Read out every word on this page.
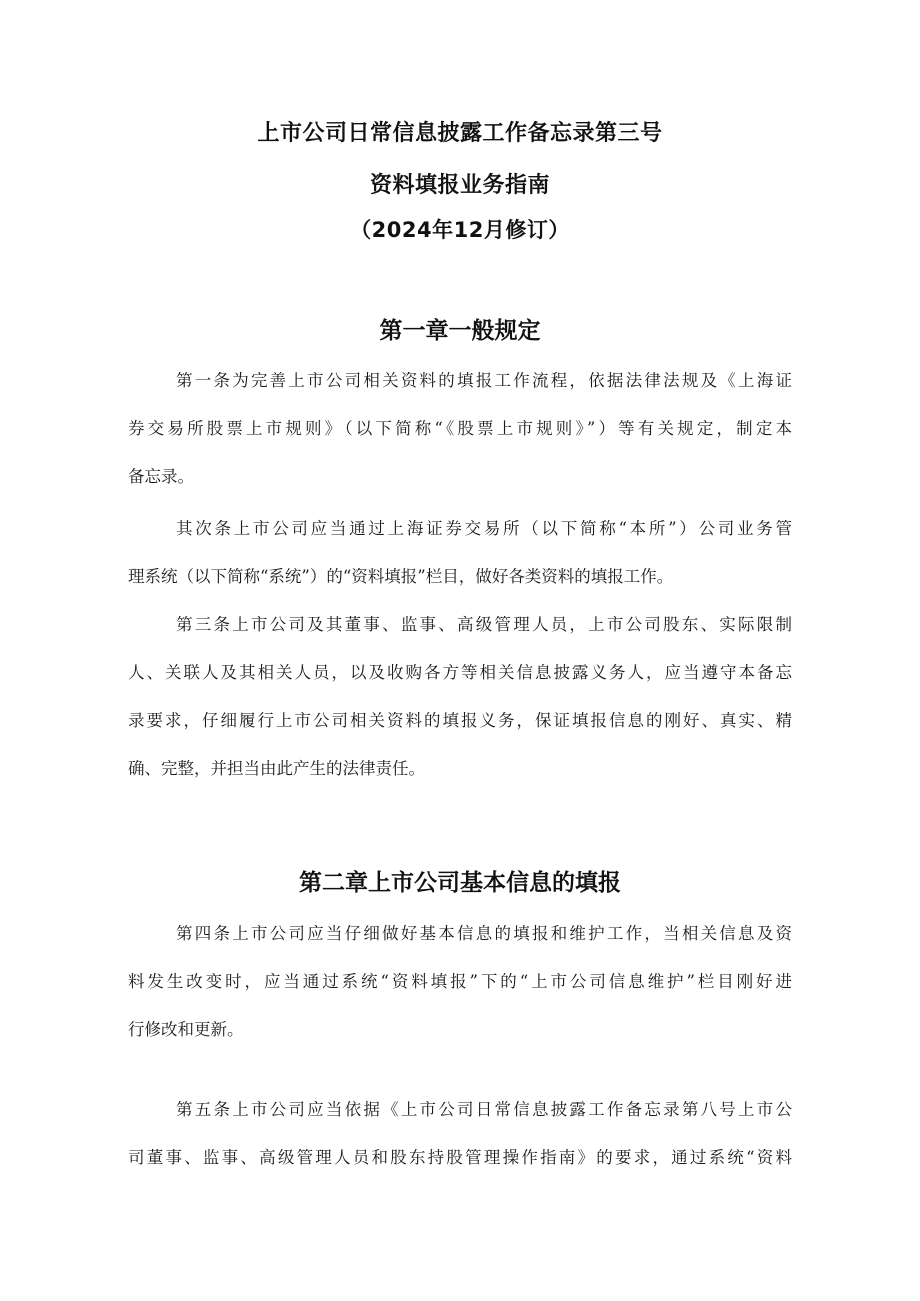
上市公司日常信息披露工作备忘录第三号
资料填报业务指南
（2024年12月修订）
第一章一般规定
第一条为完善上市公司相关资料的填报工作流程，依据法律法规及《上海证
券交易所股票上市规则》（以下简称“《股票上市规则》”）等有关规定，制定本
备忘录。
其次条上市公司应当通过上海证券交易所（以下简称“本所”）公司业务管
理系统（以下简称“系统”）的“资料填报”栏目，做好各类资料的填报工作。
第三条上市公司及其董事、监事、高级管理人员，上市公司股东、实际限制
人、关联人及其相关人员，以及收购各方等相关信息披露义务人，应当遵守本备忘
录要求，仔细履行上市公司相关资料的填报义务，保证填报信息的刚好、真实、精
确、完整，并担当由此产生的法律责任。
第二章上市公司基本信息的填报
第四条上市公司应当仔细做好基本信息的填报和维护工作，当相关信息及资
料发生改变时，应当通过系统“资料填报”下的“上市公司信息维护”栏目刚好进
行修改和更新。
第五条上市公司应当依据《上市公司日常信息披露工作备忘录第八号上市公
司董事、监事、高级管理人员和股东持股管理操作指南》的要求，通过系统“资料
